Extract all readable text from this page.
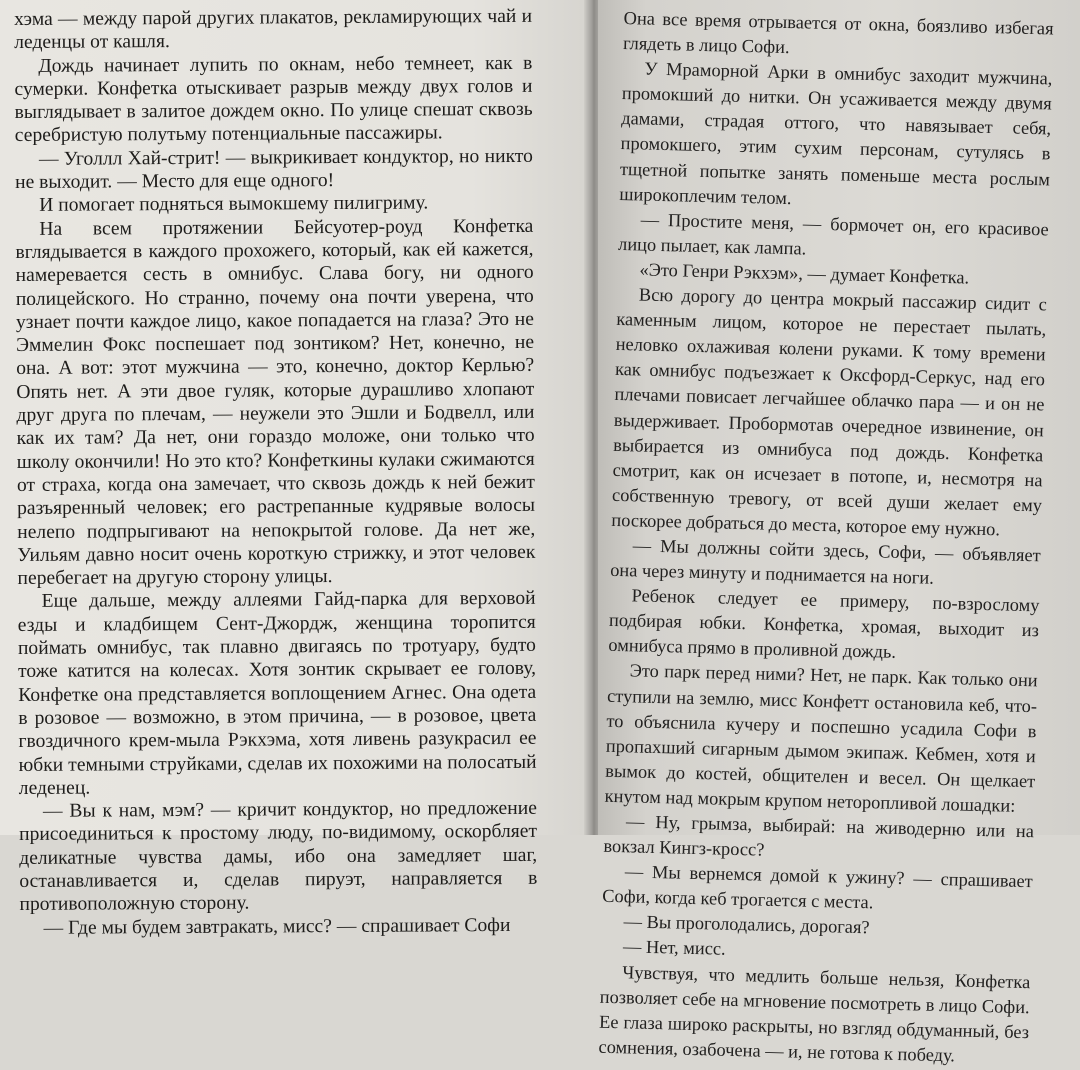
хэма — между парой других плакатов, рекламирующих чай и леденцы от кашля.

Дождь начинает лупить по окнам, небо темнеет, как в сумерки. Конфетка отыскивает разрыв между двух голов и выглядывает в залитое дождем окно. По улице спешат сквозь серебристую полутьму потенциальные пассажиры.

— Уголлл Хай-стрит! — выкрикивает кондуктор, но никто не выходит. — Место для еще одного!

И помогает подняться вымокшему пилигриму.

На всем протяжении Бейсуотер-роуд Конфетка вглядывается в каждого прохожего, который, как ей кажется, намеревается сесть в омнибус. Слава богу, ни одного полицейского. Но странно, почему она почти уверена, что узнает почти каждое лицо, какое попадается на глаза? Это не Эммелин Фокс поспешает под зонтиком? Нет, конечно, не она. А вот: этот мужчина — это, конечно, доктор Керлью? Опять нет. А эти двое гуляк, которые дурашливо хлопают друг друга по плечам, — неужели это Эшли и Бодвелл, или как их там? Да нет, они гораздо моложе, они только что школу окончили! Но это кто? Конфеткины кулаки сжимаются от страха, когда она замечает, что сквозь дождь к ней бежит разъяренный человек; его растрепанные кудрявые волосы нелепо подпрыгивают на непокрытой голове. Да нет же, Уильям давно носит очень короткую стрижку, и этот человек перебегает на другую сторону улицы.

Еще дальше, между аллеями Гайд-парка для верховой езды и кладбищем Сент-Джордж, женщина торопится поймать омнибус, так плавно двигаясь по тротуару, будто тоже катится на колесах. Хотя зонтик скрывает ее голову, Конфетке она представляется воплощением Агнес. Она одета в розовое — возможно, в этом причина, — в розовое, цвета гвоздичного крем-мыла Рэкхэма, хотя ливень разукрасил ее юбки темными струйками, сделав их похожими на полосатый леденец.

— Вы к нам, мэм? — кричит кондуктор, но предложение присоединиться к простому люду, по-видимому, оскорбляет деликатные чувства дамы, ибо она замедляет шаг, останавливается и, сделав пируэт, направляется в противоположную сторону.

— Где мы будем завтракать, мисс? — спрашивает Софи

Она все время отрывается от окна, боязливо избегая глядеть в лицо Софи.

У Мраморной Арки в омнибус заходит мужчина, промокший до нитки. Он усаживается между двумя дамами, страдая оттого, что навязывает себя, промокшего, этим сухим персонам, сутулясь в тщетной попытке занять поменьше места рослым широкоплечим телом.

— Простите меня, — бормочет он, его красивое лицо пылает, как лампа.

«Это Генри Рэкхэм», — думает Конфетка.

Всю дорогу до центра мокрый пассажир сидит с каменным лицом, которое не перестает пылать, неловко охлаживая колени руками. К тому времени как омнибус подъезжает к Оксфорд-Серкус, над его плечами повисает легчайшее облачко пара — и он не выдерживает. Пробормотав очередное извинение, он выбирается из омнибуса под дождь. Конфетка смотрит, как он исчезает в потопе, и, несмотря на собственную тревогу, от всей души желает ему поскорее добраться до места, которое ему нужно.

— Мы должны сойти здесь, Софи, — объявляет она через минуту и поднимается на ноги.

Ребенок следует ее примеру, по-взрослому подбирая юбки. Конфетка, хромая, выходит из омнибуса прямо в проливной дождь.

Это парк перед ними? Нет, не парк. Как только они ступили на землю, мисс Конфетт остановила кеб, что-то объяснила кучеру и поспешно усадила Софи в пропахший сигарным дымом экипаж. Кебмен, хотя и вымок до костей, общителен и весел. Он щелкает кнутом над мокрым крупом неторопливой лошадки:

— Ну, грымза, выбирай: на живодерню или на вокзал Кингз-кросс?

— Мы вернемся домой к ужину? — спрашивает Софи, когда кеб трогается с места.

— Вы проголодались, дорогая?

— Нет, мисс.

Чувствуя, что медлить больше нельзя, Конфетка позволяет себе на мгновение посмотреть в лицо Софи. Ее глаза широко раскрыты, но взгляд обдуманный, без сомнения, озабочена — и, не готова к победу.
